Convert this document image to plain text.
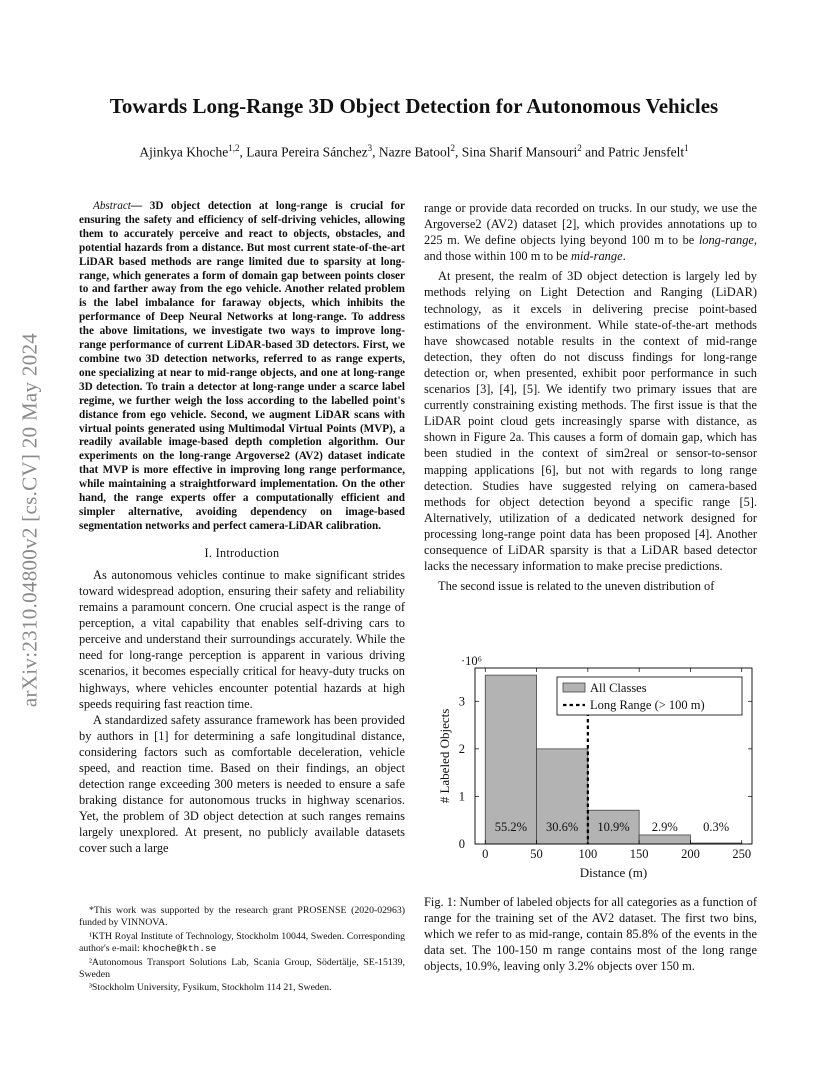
arXiv:2310.04800v2 [cs.CV] 20 May 2024
Towards Long-Range 3D Object Detection for Autonomous Vehicles
Ajinkya Khoche$^{1,2}$, Laura Pereira Sánchez$^3$, Nazre Batool$^2$, Sina Sharif Mansouri$^2$ and Patric Jensfelt$^1$

Abstract— 3D object detection at long-range is crucial for ensuring the safety and efficiency of self-driving vehicles, allowing them to accurately perceive and react to objects, obstacles, and potential hazards from a distance. But most current state-of-the-art LiDAR based methods are range limited due to sparsity at long-range, which generates a form of domain gap between points closer to and farther away from the ego vehicle. Another related problem is the label imbalance for faraway objects, which inhibits the performance of Deep Neural Networks at long-range. To address the above limitations, we investigate two ways to improve long-range performance of current LiDAR-based 3D detectors. First, we combine two 3D detection networks, referred to as range experts, one specializing at near to mid-range objects, and one at long-range 3D detection. To train a detector at long-range under a scarce label regime, we further weigh the loss according to the labelled point's distance from ego vehicle. Second, we augment LiDAR scans with virtual points generated using Multimodal Virtual Points (MVP), a readily available image-based depth completion algorithm. Our experiments on the long-range Argoverse2 (AV2) dataset indicate that MVP is more effective in improving long range performance, while maintaining a straightforward implementation. On the other hand, the range experts offer a computationally efficient and simpler alternative, avoiding dependency on image-based segmentation networks and perfect camera-LiDAR calibration.

I. Introduction

As autonomous vehicles continue to make significant strides toward widespread adoption, ensuring their safety and reliability remains a paramount concern. One crucial aspect is the range of perception, a vital capability that enables self-driving cars to perceive and understand their surroundings accurately. While the need for long-range perception is apparent in various driving scenarios, it becomes especially critical for heavy-duty trucks on highways, where vehicles encounter potential hazards at high speeds requiring fast reaction time.

A standardized safety assurance framework has been provided by authors in [1] for determining a safe longitudinal distance, considering factors such as comfortable deceleration, vehicle speed, and reaction time. Based on their findings, an object detection range exceeding 300 meters is needed to ensure a safe braking distance for autonomous trucks in highway scenarios. Yet, the problem of 3D object detection at such ranges remains largely unexplored. At present, no publicly available datasets cover such a large

*This work was supported by the research grant PROSENSE (2020-02963) funded by VINNOVA.

¹KTH Royal Institute of Technology, Stockholm 10044, Sweden. Corresponding author's e-mail: khoche@kth.se

²Autonomous Transport Solutions Lab, Scania Group, Södertälje, SE-15139, Sweden

³Stockholm University, Fysikum, Stockholm 114 21, Sweden.

range or provide data recorded on trucks. In our study, we use the Argoverse2 (AV2) dataset [2], which provides annotations up to 225 m. We define objects lying beyond 100 m to be long-range, and those within 100 m to be mid-range.

At present, the realm of 3D object detection is largely led by methods relying on Light Detection and Ranging (LiDAR) technology, as it excels in delivering precise point-based estimations of the environment. While state-of-the-art methods have showcased notable results in the context of mid-range detection, they often do not discuss findings for long-range detection or, when presented, exhibit poor performance in such scenarios [3], [4], [5]. We identify two primary issues that are currently constraining existing methods. The first issue is that the LiDAR point cloud gets increasingly sparse with distance, as shown in Figure 2a. This causes a form of domain gap, which has been studied in the context of sim2real or sensor-to-sensor mapping applications [6], but not with regards to long range detection. Studies have suggested relying on camera-based methods for object detection beyond a specific range [5]. Alternatively, utilization of a dedicated network designed for processing long-range point data has been proposed [4]. Another consequence of LiDAR sparsity is that a LiDAR based detector lacks the necessary information to make precise predictions.

The second issue is related to the uneven distribution of

55.2% 30.6% 10.9% 2.9% 0.3%
0	50	100	150	200	250
0
1
2
3
·10⁶
Distance (m)
# Labeled Objects
All Classes
Long Range (> 100 m)
Fig. 1: Number of labeled objects for all categories as a function of range for the training set of the AV2 dataset. The first two bins, which we refer to as mid-range, contain 85.8% of the events in the data set. The 100-150 m range contains most of the long range objects, 10.9%, leaving only 3.2% objects over 150 m.
